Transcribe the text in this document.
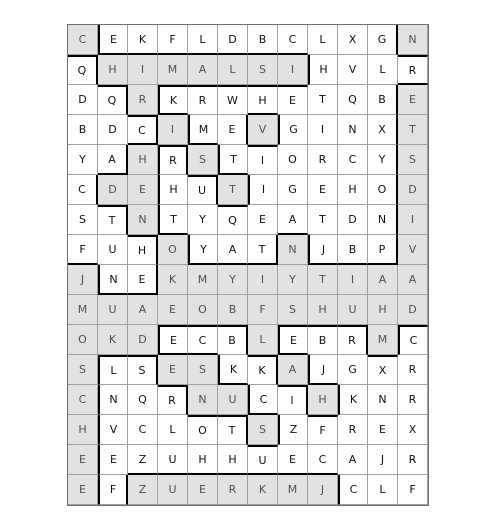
C	E	K	F	L	D	B	C	L	X	G	N
Q	H	I	M	A	L	S	I	H	V	L	R
D	Q	R	K	R	W	H	E	T	Q	B	E
B	D	C	I	M	E	V	G	I	N	X	T
Y	A	H	R	S	T	I	O	R	C	Y	S
C	D	E	H	U	T	I	G	E	H	O	D
S	T	N	T	Y	Q	E	A	T	D	N	I
F	U	H	O	Y	A	T	N	J	B	P	V
J	N	E	K	M	Y	I	Y	T	I	A	A
M	U	A	E	O	B	F	S	H	U	H	D
O	K	D	E	C	B	L	E	B	R	M	C
S	L	S	E	S	K	K	A	J	G	X	R
C	N	Q	R	N	U	C	I	H	K	N	R
H	V	C	L	O	T	S	Z	F	R	E	X
E	E	Z	U	H	H	U	E	C	A	J	R
E	F	Z	U	E	R	K	M	J	C	L	F
